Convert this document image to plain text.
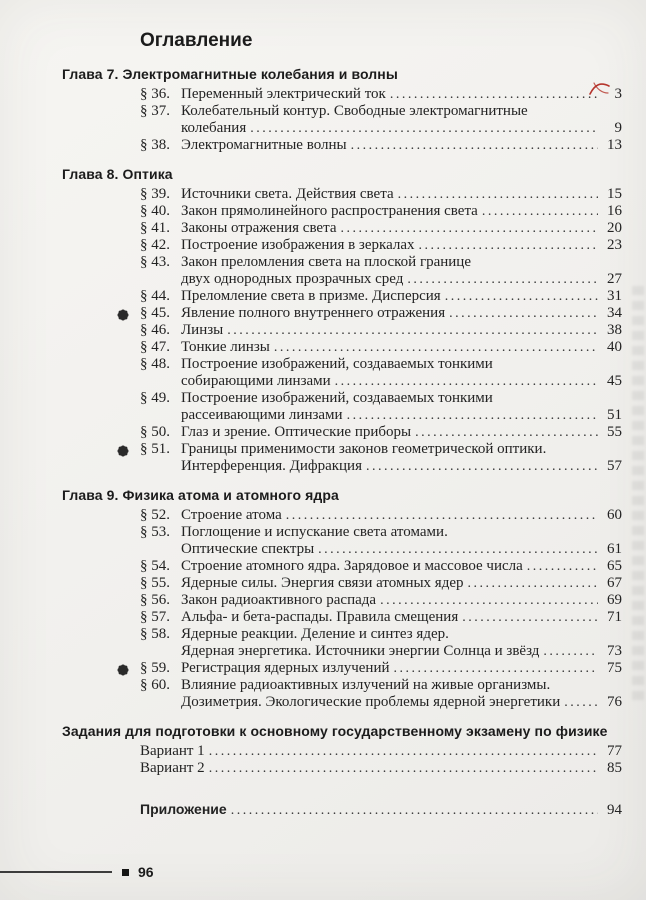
Оглавление
Глава 7. Электромагнитные колебания и волны
§ 36. Переменный электрический ток .....	3
§ 37. Колебательный контур. Свободные электромагнитные
колебания .....	9
§ 38. Электромагнитные волны .....	13
Глава 8. Оптика
§ 39. Источники света. Действия света .....	15
§ 40. Закон прямолинейного распространения света .....	16
§ 41. Законы отражения света .....	20
§ 42. Построение изображения в зеркалах .....	23
§ 43. Закон преломления света на плоской границе
двух однородных прозрачных сред .....	27
§ 44. Преломление света в призме. Дисперсия .....	31
§ 45. Явление полного внутреннего отражения .....	34
§ 46. Линзы .....	38
§ 47. Тонкие линзы .....	40
§ 48. Построение изображений, создаваемых тонкими
собирающими линзами .....	45
§ 49. Построение изображений, создаваемых тонкими
рассеивающими линзами .....	51
§ 50. Глаз и зрение. Оптические приборы .....	55
§ 51. Границы применимости законов геометрической оптики.
Интерференция. Дифракция .....	57
Глава 9. Физика атома и атомного ядра
§ 52. Строение атома .....	60
§ 53. Поглощение и испускание света атомами.
Оптические спектры .....	61
§ 54. Строение атомного ядра. Зарядовое и массовое числа .....	65
§ 55. Ядерные силы. Энергия связи атомных ядер .....	67
§ 56. Закон радиоактивного распада .....	69
§ 57. Альфа- и бета-распады. Правила смещения .....	71
§ 58. Ядерные реакции. Деление и синтез ядер.
Ядерная энергетика. Источники энергии Солнца и звёзд .....	73
§ 59. Регистрация ядерных излучений .....	75
§ 60. Влияние радиоактивных излучений на живые организмы.
Дозиметрия. Экологические проблемы ядерной энергетики .....	76
Задания для подготовки к основному государственному экзамену по физике
Вариант 1 .....	77
Вариант 2 .....	85
Приложение .....	94
96
